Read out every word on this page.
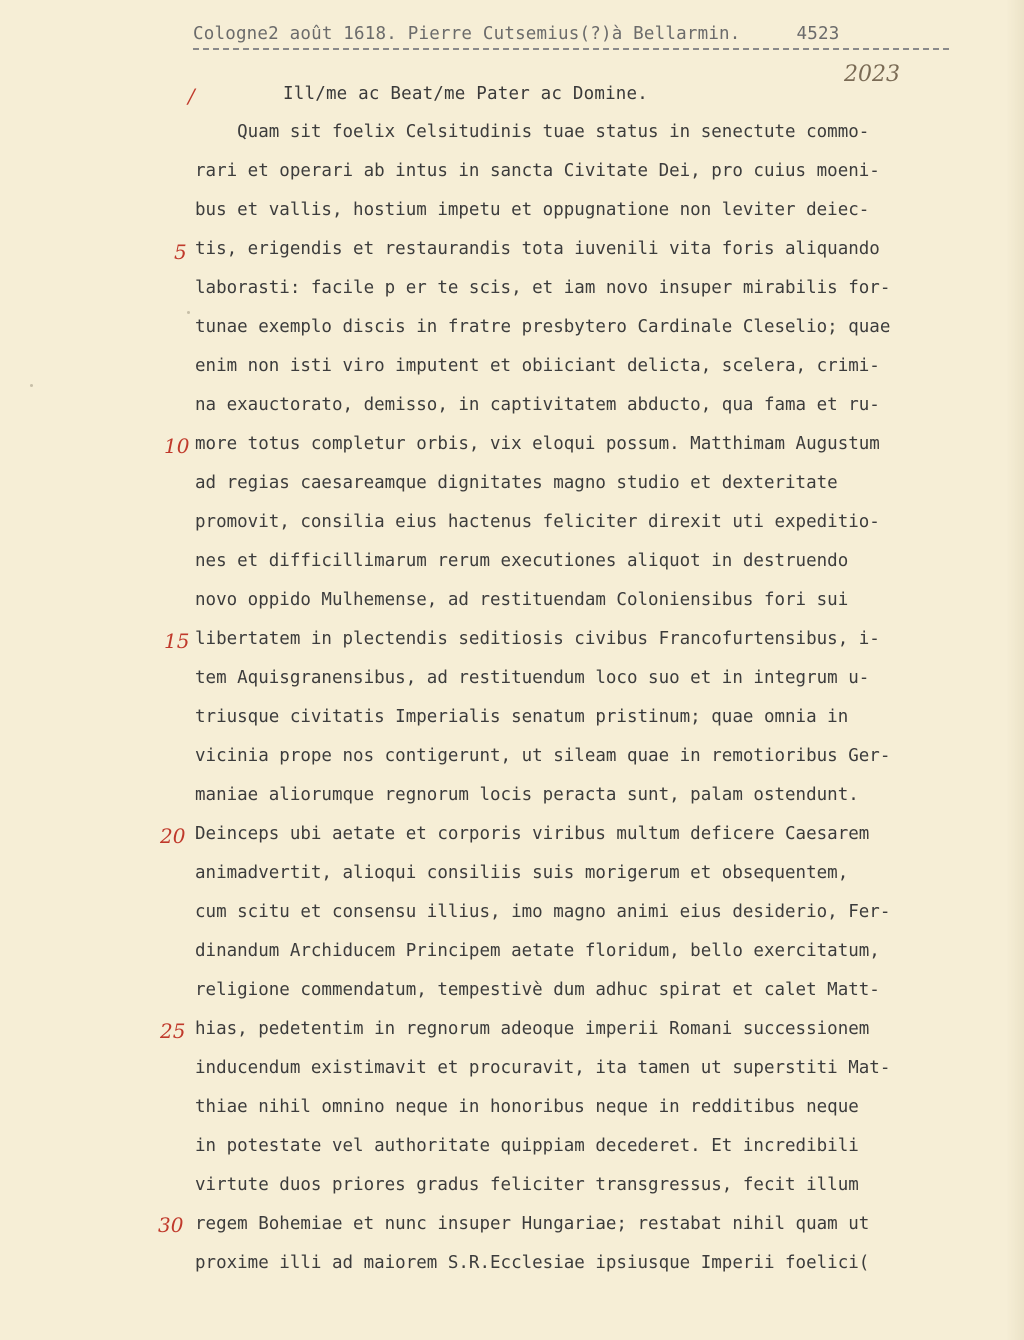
Cologne2 août 1618. Pierre Cutsemius(?)à Bellarmin.	4523
2023
Ill/me ac Beat/me Pater ac Domine.
Quam sit foelix Celsitudinis tuae status in senectute commo-
rari et operari ab intus in sancta Civitate Dei, pro cuius moeni-
bus et vallis, hostium impetu et oppugnatione non leviter deiec-
tis, erigendis et restaurandis tota iuvenili vita foris aliquando
laborasti: facile p er te scis, et iam novo insuper mirabilis for-
tunae exemplo discis in fratre presbytero Cardinale Cleselio; quae
enim non isti viro imputent et obiiciant delicta, scelera, crimi-
na exauctorato, demisso, in captivitatem abducto, qua fama et ru-
more totus completur orbis, vix eloqui possum. Matthimam Augustum
ad regias caesareamque dignitates magno studio et dexteritate
promovit, consilia eius hactenus feliciter direxit uti expeditio-
nes et difficillimarum rerum executiones aliquot in destruendo
novo oppido Mulhemense, ad restituendam Coloniensibus fori sui
libertatem in plectendis seditiosis civibus Francofurtensibus, i-
tem Aquisgranensibus, ad restituendum loco suo et in integrum u-
triusque civitatis Imperialis senatum pristinum; quae omnia in
vicinia prope nos contigerunt, ut sileam quae in remotioribus Ger-
maniae aliorumque regnorum locis peracta sunt, palam ostendunt.
Deinceps ubi aetate et corporis viribus multum deficere Caesarem
animadvertit, alioqui consiliis suis morigerum et obsequentem,
cum scitu et consensu illius, imo magno animi eius desiderio, Fer-
dinandum Archiducem Principem aetate floridum, bello exercitatum,
religione commendatum, tempestivè dum adhuc spirat et calet Matt-
hias, pedetentim in regnorum adeoque imperii Romani successionem
inducendum existimavit et procuravit, ita tamen ut superstiti Mat-
thiae nihil omnino neque in honoribus neque in redditibus neque
in potestate vel authoritate quippiam decederet. Et incredibili
virtute duos priores gradus feliciter transgressus, fecit illum
regem Bohemiae et nunc insuper Hungariae; restabat nihil quam ut
proxime illi ad maiorem S.R.Ecclesiae ipsiusque Imperii foelici(
/
5
10
15
20
25
30
